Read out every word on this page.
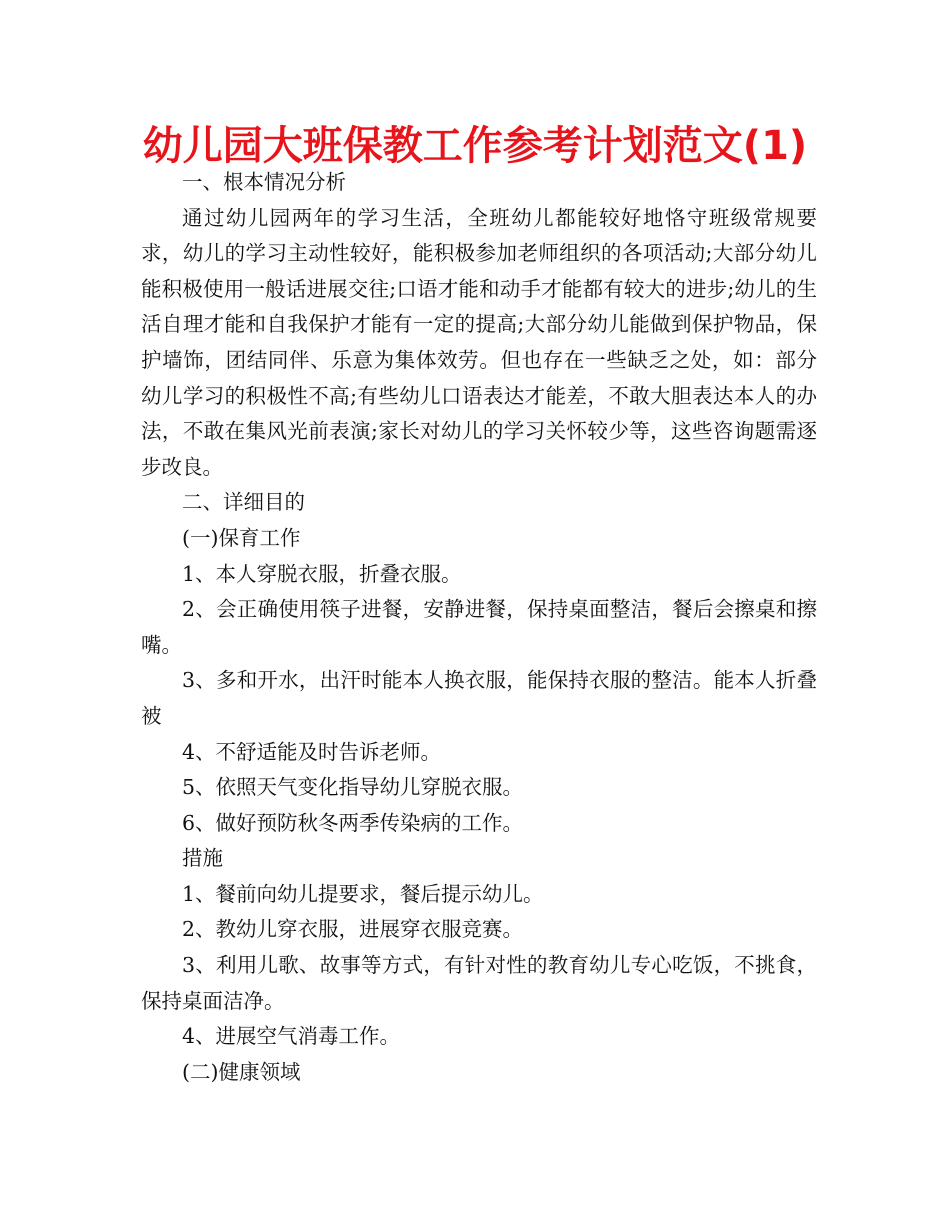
幼儿园大班保教工作参考计划范文(1)

一、根本情况分析

通过幼儿园两年的学习生活，全班幼儿都能较好地恪守班级常规要求，幼儿的学习主动性较好，能积极参加老师组织的各项活动;大部分幼儿能积极使用一般话进展交往;口语才能和动手才能都有较大的进步;幼儿的生活自理才能和自我保护才能有一定的提高;大部分幼儿能做到保护物品，保护墙饰，团结同伴、乐意为集体效劳。但也存在一些缺乏之处，如：部分幼儿学习的积极性不高;有些幼儿口语表达才能差，不敢大胆表达本人的办法，不敢在集风光前表演;家长对幼儿的学习关怀较少等，这些咨询题需逐步改良。

二、详细目的

(一)保育工作

1、本人穿脱衣服，折叠衣服。

2、会正确使用筷子进餐，安静进餐，保持桌面整洁，餐后会擦桌和擦嘴。

3、多和开水，出汗时能本人换衣服，能保持衣服的整洁。能本人折叠被

4、不舒适能及时告诉老师。

5、依照天气变化指导幼儿穿脱衣服。

6、做好预防秋冬两季传染病的工作。

措施

1、餐前向幼儿提要求，餐后提示幼儿。

2、教幼儿穿衣服，进展穿衣服竞赛。

3、利用儿歌、故事等方式，有针对性的教育幼儿专心吃饭，不挑食，保持桌面洁净。

4、进展空气消毒工作。

(二)健康领域
